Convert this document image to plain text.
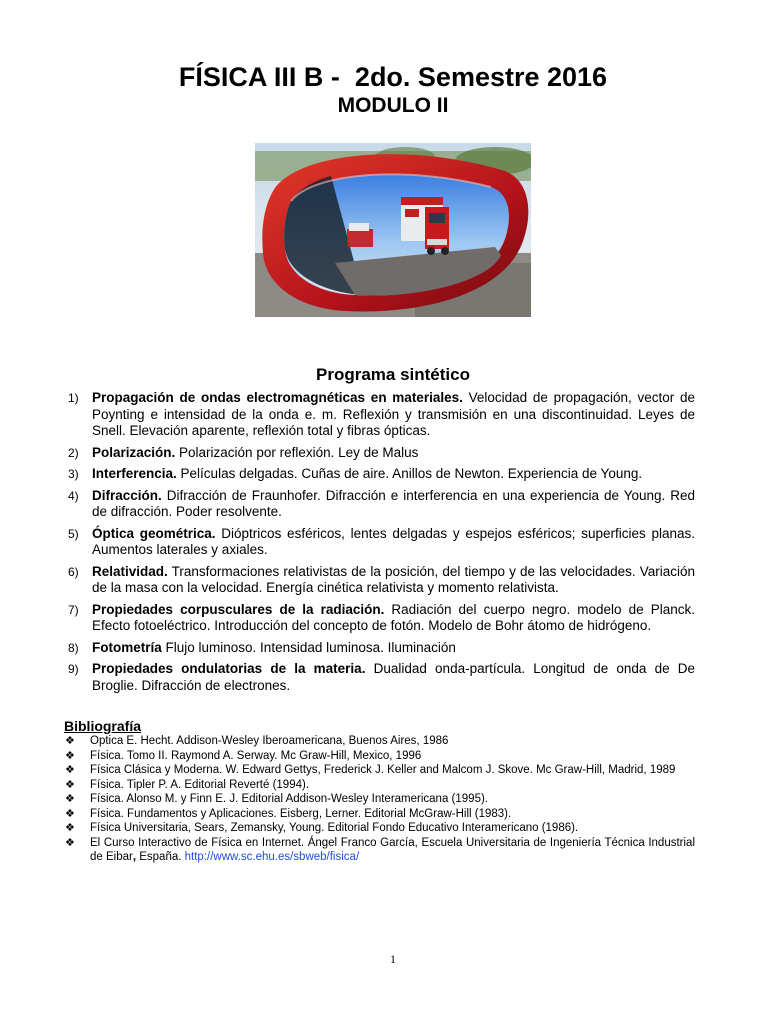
FÍSICA III B -  2do. Semestre 2016
MODULO II
Programa sintético
1) Propagación de ondas electromagnéticas en materiales. Velocidad de propagación, vector de Poynting e intensidad de la onda e. m. Reflexión y transmisión en una discontinuidad. Leyes de Snell. Elevación aparente, reflexión total y fibras ópticas.
2) Polarización. Polarización por reflexión. Ley de Malus
3) Interferencia. Películas delgadas. Cuñas de aire. Anillos de Newton. Experiencia de Young.
4) Difracción. Difracción de Fraunhofer. Difracción e interferencia en una experiencia de Young. Red de difracción. Poder resolvente.
5) Óptica geométrica. Dióptricos esféricos, lentes delgadas y espejos esféricos; superficies planas. Aumentos laterales y axiales.
6) Relatividad. Transformaciones relativistas de la posición, del tiempo y de las velocidades. Variación de la masa con la velocidad. Energía cinética relativista y momento relativista.
7) Propiedades corpusculares de la radiación. Radiación del cuerpo negro. modelo de Planck. Efecto fotoeléctrico. Introducción del concepto de fotón. Modelo de Bohr átomo de hidrógeno.
8) Fotometría Flujo luminoso. Intensidad luminosa. Iluminación
9) Propiedades ondulatorias de la materia. Dualidad onda-partícula. Longitud de onda de De Broglie. Difracción de electrones.
Bibliografía
❖ Optica E. Hecht. Addison-Wesley Iberoamericana, Buenos Aires, 1986
❖ Física. Tomo II. Raymond A. Serway. Mc Graw-Hill, Mexico, 1996
❖ Física Clásica y Moderna. W. Edward Gettys, Frederick J. Keller and Malcom J. Skove. Mc Graw-Hill, Madrid, 1989
❖ Física. Tipler P. A. Editorial Reverté (1994).
❖ Física. Alonso M. y Finn E. J. Editorial Addison-Wesley Interamericana (1995).
❖ Física. Fundamentos y Aplicaciones. Eisberg, Lerner. Editorial McGraw-Hill (1983).
❖ Física Universitaria, Sears, Zemansky, Young. Editorial Fondo Educativo Interamericano (1986).
❖ El Curso Interactivo de Física en Internet. Ángel Franco García, Escuela Universitaria de Ingeniería Técnica Industrial de Eibar, España. http://www.sc.ehu.es/sbweb/fisica/
1
